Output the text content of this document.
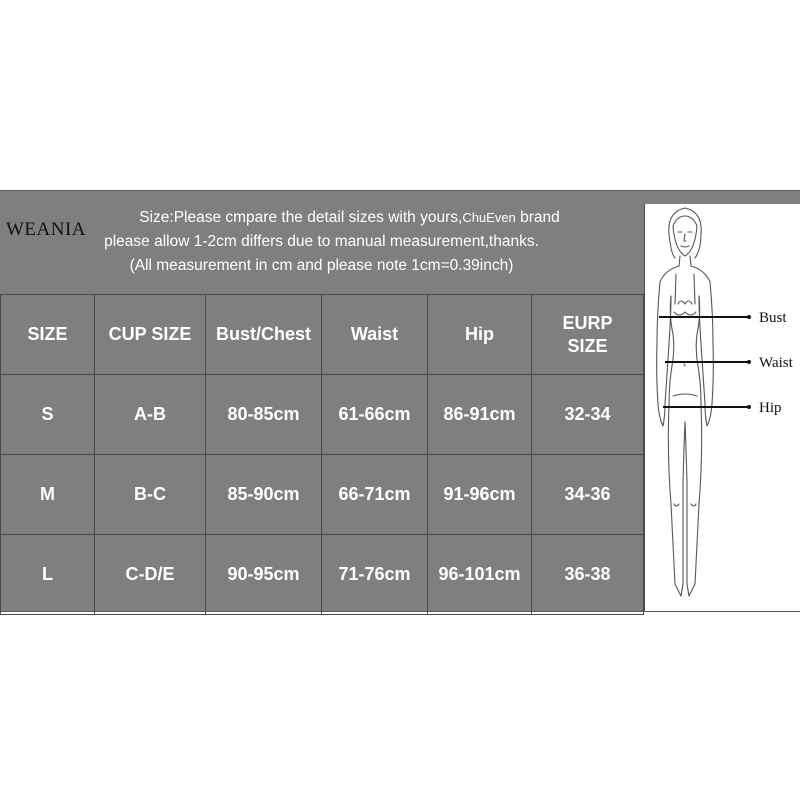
Size:Please cmpare the detail sizes with yours,ChuEven brand
please allow 1-2cm differs due to manual measurement,thanks.
(All measurement in cm and please note 1cm=0.39inch)
WEANIA
SIZE	CUP SIZE	Bust/Chest	Waist	Hip	EURP SIZE
S	A-B	80-85cm	61-66cm	86-91cm	32-34
M	B-C	85-90cm	66-71cm	91-96cm	34-36
L	C-D/E	90-95cm	71-76cm	96-101cm	36-38
Bust
Waist
Hip
